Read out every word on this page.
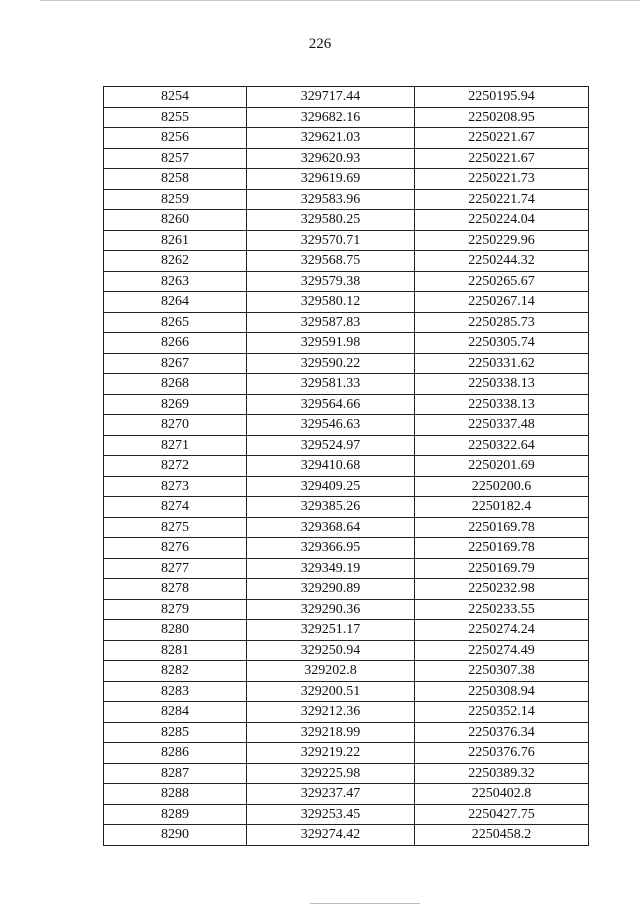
226
8254	329717.44	2250195.94
8255	329682.16	2250208.95
8256	329621.03	2250221.67
8257	329620.93	2250221.67
8258	329619.69	2250221.73
8259	329583.96	2250221.74
8260	329580.25	2250224.04
8261	329570.71	2250229.96
8262	329568.75	2250244.32
8263	329579.38	2250265.67
8264	329580.12	2250267.14
8265	329587.83	2250285.73
8266	329591.98	2250305.74
8267	329590.22	2250331.62
8268	329581.33	2250338.13
8269	329564.66	2250338.13
8270	329546.63	2250337.48
8271	329524.97	2250322.64
8272	329410.68	2250201.69
8273	329409.25	2250200.6
8274	329385.26	2250182.4
8275	329368.64	2250169.78
8276	329366.95	2250169.78
8277	329349.19	2250169.79
8278	329290.89	2250232.98
8279	329290.36	2250233.55
8280	329251.17	2250274.24
8281	329250.94	2250274.49
8282	329202.8	2250307.38
8283	329200.51	2250308.94
8284	329212.36	2250352.14
8285	329218.99	2250376.34
8286	329219.22	2250376.76
8287	329225.98	2250389.32
8288	329237.47	2250402.8
8289	329253.45	2250427.75
8290	329274.42	2250458.2
